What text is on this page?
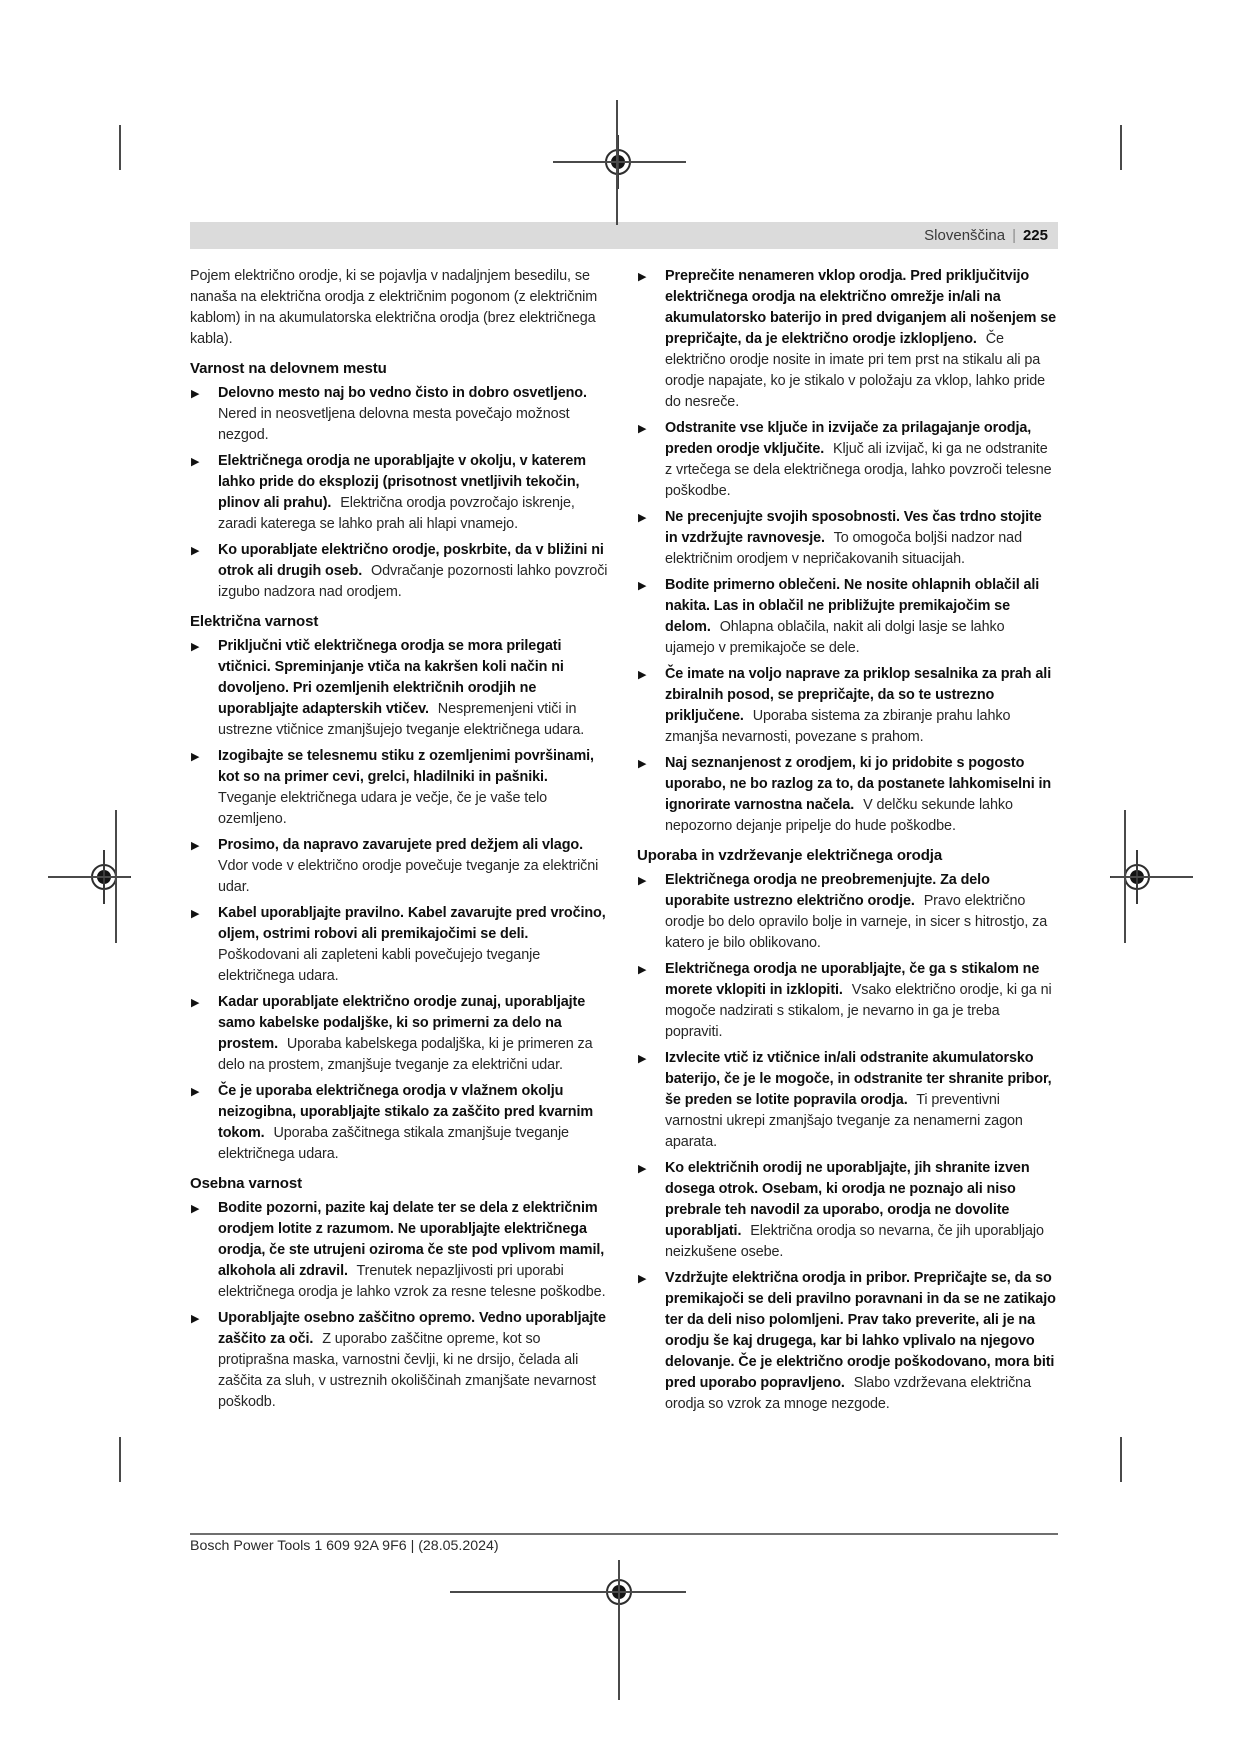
Slovenščina | 225

Pojem električno orodje, ki se pojavlja v nadaljnjem besedilu, se nanaša na električna orodja z električnim pogonom (z električnim kablom) in na akumulatorska električna orodja (brez električnega kabla).

Varnost na delovnem mestu
▶ Delovno mesto naj bo vedno čisto in dobro osvetljeno. Nered in neosvetljena delovna mesta povečajo možnost nezgod.
▶ Električnega orodja ne uporabljajte v okolju, v katerem lahko pride do eksplozij (prisotnost vnetljivih tekočin, plinov ali prahu). Električna orodja povzročajo iskrenje, zaradi katerega se lahko prah ali hlapi vnamejo.
▶ Ko uporabljate električno orodje, poskrbite, da v bližini ni otrok ali drugih oseb. Odvračanje pozornosti lahko povzroči izgubo nadzora nad orodjem.
Električna varnost
▶ Priključni vtič električnega orodja se mora prilegati vtičnici. Spreminjanje vtiča na kakršen koli način ni dovoljeno. Pri ozemljenih električnih orodjih ne uporabljajte adapterskih vtičev. Nespremenjeni vtiči in ustrezne vtičnice zmanjšujejo tveganje električnega udara.
▶ Izogibajte se telesnemu stiku z ozemljenimi površinami, kot so na primer cevi, grelci, hladilniki in pašniki. Tveganje električnega udara je večje, če je vaše telo ozemljeno.
▶ Prosimo, da napravo zavarujete pred dežjem ali vlago. Vdor vode v električno orodje povečuje tveganje za električni udar.
▶ Kabel uporabljajte pravilno. Kabel zavarujte pred vročino, oljem, ostrimi robovi ali premikajočimi se deli. Poškodovani ali zapleteni kabli povečujejo tveganje električnega udara.
▶ Kadar uporabljate električno orodje zunaj, uporabljajte samo kabelske podaljške, ki so primerni za delo na prostem. Uporaba kabelskega podaljška, ki je primeren za delo na prostem, zmanjšuje tveganje za električni udar.
▶ Če je uporaba električnega orodja v vlažnem okolju neizogibna, uporabljajte stikalo za zaščito pred kvarnim tokom. Uporaba zaščitnega stikala zmanjšuje tveganje električnega udara.
Osebna varnost
▶ Bodite pozorni, pazite kaj delate ter se dela z električnim orodjem lotite z razumom. Ne uporabljajte električnega orodja, če ste utrujeni oziroma če ste pod vplivom mamil, alkohola ali zdravil. Trenutek nepazljivosti pri uporabi električnega orodja je lahko vzrok za resne telesne poškodbe.
▶ Uporabljajte osebno zaščitno opremo. Vedno uporabljajte zaščito za oči. Z uporabo zaščitne opreme, kot so protiprašna maska, varnostni čevlji, ki ne drsijo, čelada ali zaščita za sluh, v ustreznih okoliščinah zmanjšate nevarnost poškodb.
▶ Preprečite nenameren vklop orodja. Pred priključitvijo električnega orodja na električno omrežje in/ali na akumulatorsko baterijo in pred dviganjem ali nošenjem se prepričajte, da je električno orodje izklopljeno. Če električno orodje nosite in imate pri tem prst na stikalu ali pa orodje napajate, ko je stikalo v položaju za vklop, lahko pride do nesreče.
▶ Odstranite vse ključe in izvijače za prilagajanje orodja, preden orodje vključite. Ključ ali izvijač, ki ga ne odstranite z vrtečega se dela električnega orodja, lahko povzroči telesne poškodbe.
▶ Ne precenjujte svojih sposobnosti. Ves čas trdno stojite in vzdržujte ravnovesje. To omogoča boljši nadzor nad električnim orodjem v nepričakovanih situacijah.
▶ Bodite primerno oblečeni. Ne nosite ohlapnih oblačil ali nakita. Las in oblačil ne približujte premikajočim se delom. Ohlapna oblačila, nakit ali dolgi lasje se lahko ujamejo v premikajoče se dele.
▶ Če imate na voljo naprave za priklop sesalnika za prah ali zbiralnih posod, se prepričajte, da so te ustrezno priključene. Uporaba sistema za zbiranje prahu lahko zmanjša nevarnosti, povezane s prahom.
▶ Naj seznanjenost z orodjem, ki jo pridobite s pogosto uporabo, ne bo razlog za to, da postanete lahkomiselni in ignorirate varnostna načela. V delčku sekunde lahko nepozorno dejanje pripelje do hude poškodbe.
Uporaba in vzdrževanje električnega orodja
▶ Električnega orodja ne preobremenjujte. Za delo uporabite ustrezno električno orodje. Pravo električno orodje bo delo opravilo bolje in varneje, in sicer s hitrostjo, za katero je bilo oblikovano.
▶ Električnega orodja ne uporabljajte, če ga s stikalom ne morete vklopiti in izklopiti. Vsako električno orodje, ki ga ni mogoče nadzirati s stikalom, je nevarno in ga je treba popraviti.
▶ Izvlecite vtič iz vtičnice in/ali odstranite akumulatorsko baterijo, če je le mogoče, in odstranite ter shranite pribor, še preden se lotite popravila orodja. Ti preventivni varnostni ukrepi zmanjšajo tveganje za nenamerni zagon aparata.
▶ Ko električnih orodij ne uporabljajte, jih shranite izven dosega otrok. Osebam, ki orodja ne poznajo ali niso prebrale teh navodil za uporabo, orodja ne dovolite uporabljati. Električna orodja so nevarna, če jih uporabljajo neizkušene osebe.
▶ Vzdržujte električna orodja in pribor. Prepričajte se, da so premikajoči se deli pravilno poravnani in da se ne zatikajo ter da deli niso polomljeni. Prav tako preverite, ali je na orodju še kaj drugega, kar bi lahko vplivalo na njegovo delovanje. Če je električno orodje poškodovano, mora biti pred uporabo popravljeno. Slabo vzdrževana električna orodja so vzrok za mnoge nezgode.
Bosch Power Tools 1 609 92A 9F6 | (28.05.2024)
